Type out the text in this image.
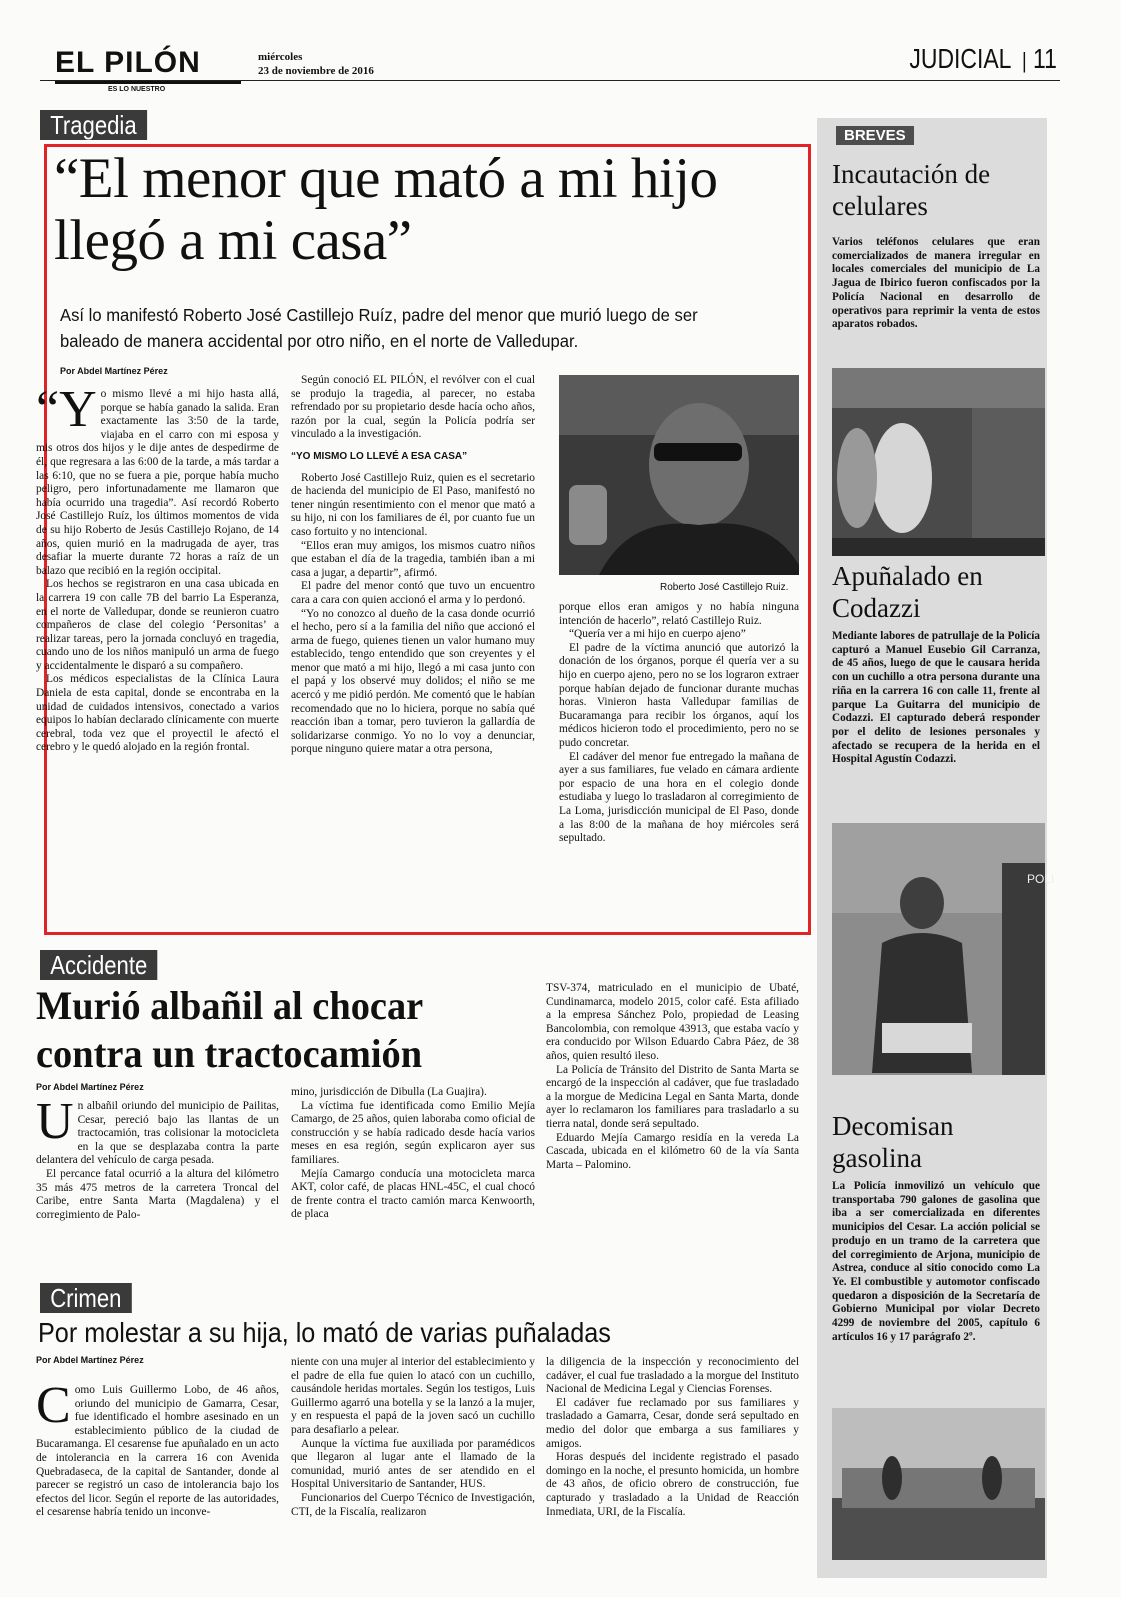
EL PILÓN
ES LO NUESTRO
miércoles
23 de noviembre de 2016	JUDICIAL  | 11
Tragedia
“El menor que mató a mi hijo llegó a mi casa”
Así lo manifestó Roberto José Castillejo Ruíz, padre del menor que murió luego de ser baleado de manera accidental por otro niño, en el norte de Valledupar.
Por Abdel Martínez Pérez

“Yo mismo llevé a mi hijo hasta allá, porque se había ganado la salida. Eran exactamente las 3:50 de la tarde, viajaba en el carro con mi esposa y mis otros dos hijos y le dije antes de despedirme de él, que regresara a las 6:00 de la tarde, a más tardar a las 6:10, que no se fuera a pie, porque había mucho peligro, pero infortunadamente me llamaron que había ocurrido una tragedia”. Así recordó Roberto José Castillejo Ruíz, los últimos momentos de vida de su hijo Roberto de Jesús Castillejo Rojano, de 14 años, quien murió en la madrugada de ayer, tras desafiar la muerte durante 72 horas a raíz de un balazo que recibió en la región occipital.

Los hechos se registraron en una casa ubicada en la carrera 19 con calle 7B del barrio La Esperanza, en el norte de Valledupar, donde se reunieron cuatro compañeros de clase del colegio ‘Personitas’ a realizar tareas, pero la jornada concluyó en tragedia, cuando uno de los niños manipuló un arma de fuego y accidentalmente le disparó a su compañero.

Los médicos especialistas de la Clínica Laura Daniela de esta capital, donde se encontraba en la unidad de cuidados intensivos, conectado a varios equipos lo habían declarado clínicamente con muerte cerebral, toda vez que el proyectil le afectó el cerebro y le quedó alojado en la región frontal.

Según conoció EL PILÓN, el revólver con el cual se produjo la tragedia, al parecer, no estaba refrendado por su propietario desde hacía ocho años, razón por la cual, según la Policía podría ser vinculado a la investigación.

“YO MISMO LO LLEVÉ A ESA CASA”

Roberto José Castillejo Ruiz, quien es el secretario de hacienda del municipio de El Paso, manifestó no tener ningún resentimiento con el menor que mató a su hijo, ni con los familiares de él, por cuanto fue un caso fortuito y no intencional.

“Ellos eran muy amigos, los mismos cuatro niños que estaban el día de la tragedia, también iban a mi casa a jugar, a departir”, afirmó.

El padre del menor contó que tuvo un encuentro cara a cara con quien accionó el arma y lo perdonó.

“Yo no conozco al dueño de la casa donde ocurrió el hecho, pero sí a la familia del niño que accionó el arma de fuego, quienes tienen un valor humano muy establecido, tengo entendido que son creyentes y el menor que mató a mi hijo, llegó a mi casa junto con el papá y los observé muy dolidos; el niño se me acercó y me pidió perdón. Me comentó que le habían recomendado que no lo hiciera, porque no sabía qué reacción iban a tomar, pero tuvieron la gallardía de solidarizarse conmigo. Yo no lo voy a denunciar, porque ninguno quiere matar a otra persona,

Roberto José Castillejo Ruiz.

porque ellos eran amigos y no había ninguna intención de hacerlo”, relató Castillejo Ruiz.

“Quería ver a mi hijo en cuerpo ajeno”

El padre de la víctima anunció que autorizó la donación de los órganos, porque él quería ver a su hijo en cuerpo ajeno, pero no se los lograron extraer porque habían dejado de funcionar durante muchas horas. Vinieron hasta Valledupar familias de Bucaramanga para recibir los órganos, aquí los médicos hicieron todo el procedimiento, pero no se pudo concretar.

El cadáver del menor fue entregado la mañana de ayer a sus familiares, fue velado en cámara ardiente por espacio de una hora en el colegio donde estudiaba y luego lo trasladaron al corregimiento de La Loma, jurisdicción municipal de El Paso, donde a las 8:00 de la mañana de hoy miércoles será sepultado.

Accidente
Murió albañil al chocar contra un tractocamión
Por Abdel Martínez Pérez

Un albañil oriundo del municipio de Pailitas, Cesar, pereció bajo las llantas de un tractocamión, tras colisionar la motocicleta en la que se desplazaba contra la parte delantera del vehículo de carga pesada.

El percance fatal ocurrió a la altura del kilómetro 35 más 475 metros de la carretera Troncal del Caribe, entre Santa Marta (Magdalena) y el corregimiento de Palo-

mino, jurisdicción de Dibulla (La Guajira).

La víctima fue identificada como Emilio Mejía Camargo, de 25 años, quien laboraba como oficial de construcción y se había radicado desde hacía varios meses en esa región, según explicaron ayer sus familiares.

Mejía Camargo conducía una motocicleta marca AKT, color café, de placas HNL-45C, el cual chocó de frente contra el tracto camión marca Kenwoorth, de placa

TSV-374, matriculado en el municipio de Ubaté, Cundinamarca, modelo 2015, color café. Esta afiliado a la empresa Sánchez Polo, propiedad de Leasing Bancolombia, con remolque 43913, que estaba vacío y era conducido por Wilson Eduardo Cabra Páez, de 38 años, quien resultó ileso.

La Policía de Tránsito del Distrito de Santa Marta se encargó de la inspección al cadáver, que fue trasladado a la morgue de Medicina Legal en Santa Marta, donde ayer lo reclamaron los familiares para trasladarlo a su tierra natal, donde será sepultado.

Eduardo Mejía Camargo residía en la vereda La Cascada, ubicada en el kilómetro 60 de la vía Santa Marta – Palomino.

Crimen
Por molestar a su hija, lo mató de varias puñaladas
Por Abdel Martínez Pérez

Como Luis Guillermo Lobo, de 46 años, oriundo del municipio de Gamarra, Cesar, fue identificado el hombre asesinado en un establecimiento público de la ciudad de Bucaramanga. El cesarense fue apuñalado en un acto de intolerancia en la carrera 16 con Avenida Quebradaseca, de la capital de Santander, donde al parecer se registró un caso de intolerancia bajo los efectos del licor. Según el reporte de las autoridades, el cesarense habría tenido un inconve-

niente con una mujer al interior del establecimiento y el padre de ella fue quien lo atacó con un cuchillo, causándole heridas mortales. Según los testigos, Luis Guillermo agarró una botella y se la lanzó a la mujer, y en respuesta el papá de la joven sacó un cuchillo para desafiarlo a pelear.

Aunque la víctima fue auxiliada por paramédicos que llegaron al lugar ante el llamado de la comunidad, murió antes de ser atendido en el Hospital Universitario de Santander, HUS.

Funcionarios del Cuerpo Técnico de Investigación, CTI, de la Fiscalía, realizaron

la diligencia de la inspección y reconocimiento del cadáver, el cual fue trasladado a la morgue del Instituto Nacional de Medicina Legal y Ciencias Forenses.

El cadáver fue reclamado por sus familiares y trasladado a Gamarra, Cesar, donde será sepultado en medio del dolor que embarga a sus familiares y amigos.

Horas después del incidente registrado el pasado domingo en la noche, el presunto homicida, un hombre de 43 años, de oficio obrero de construcción, fue capturado y trasladado a la Unidad de Reacción Inmediata, URI, de la Fiscalía.

BREVES
Incautación de celulares
Varios teléfonos celulares que eran comercializados de manera irregular en locales comerciales del municipio de La Jagua de Ibirico fueron confiscados por la Policía Nacional en desarrollo de operativos para reprimir la venta de estos aparatos robados.
Apuñalado en Codazzi
Mediante labores de patrullaje de la Policía capturó a Manuel Eusebio Gil Carranza, de 45 años, luego de que le causara herida con un cuchillo a otra persona durante una riña en la carrera 16 con calle 11, frente al parque La Guitarra del municipio de Codazzi. El capturado deberá responder por el delito de lesiones personales y afectado se recupera de la herida en el Hospital Agustín Codazzi.
POLI
Decomisan gasolina
La Policía inmovilizó un vehículo que transportaba 790 galones de gasolina que iba a ser comercializada en diferentes municipios del Cesar. La acción policial se produjo en un tramo de la carretera que del corregimiento de Arjona, municipio de Astrea, conduce al sitio conocido como La Ye. El combustible y automotor confiscado quedaron a disposición de la Secretaría de Gobierno Municipal por violar Decreto 4299 de noviembre del 2005, capítulo 6 artículos 16 y 17 parágrafo 2º.
